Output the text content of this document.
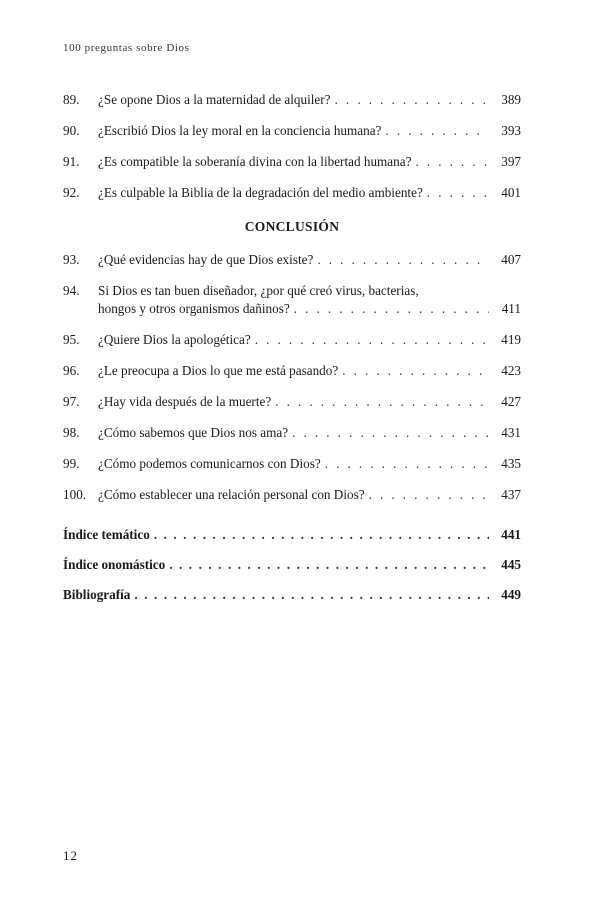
100 preguntas sobre Dios
89.	¿Se opone Dios a la maternidad de alquiler? . . .	389
90.	¿Escribió Dios la ley moral en la conciencia humana? . . .	393
91.	¿Es compatible la soberanía divina con la libertad humana? . . .	397
92.	¿Es culpable la Biblia de la degradación del medio ambiente? . . .	401
CONCLUSIÓN
93.	¿Qué evidencias hay de que Dios existe? . . .	407
94.	Si Dios es tan buen diseñador, ¿por qué creó virus, bacterias,
hongos y otros organismos dañinos? . . .	411
95.	¿Quiere Dios la apologética? . . .	419
96.	¿Le preocupa a Dios lo que me está pasando? . . .	423
97.	¿Hay vida después de la muerte? . . .	427
98.	¿Cómo sabemos que Dios nos ama? . . .	431
99.	¿Cómo podemos comunicarnos con Dios? . . .	435
100. ¿Cómo establecer una relación personal con Dios? . . .	437
Índice temático . . .	441
Índice onomástico . . .	445
Bibliografía . . .	449
12
